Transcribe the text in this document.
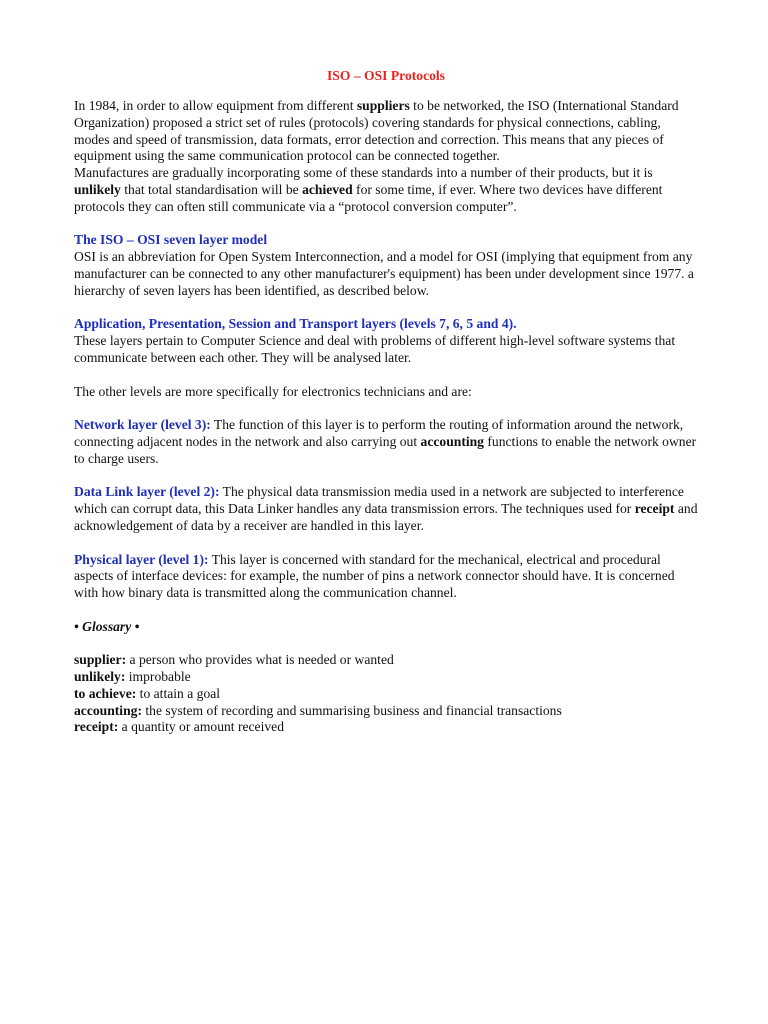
ISO – OSI Protocols

In 1984, in order to allow equipment from different suppliers to be networked, the ISO (International Standard Organization) proposed a strict set of rules (protocols) covering standards for physical connections, cabling, modes and speed of transmission, data formats, error detection and correction. This means that any pieces of equipment using the same communication protocol can be connected together.

Manufactures are gradually incorporating some of these standards into a number of their products, but it is unlikely that total standardisation will be achieved for some time, if ever. Where two devices have different protocols they can often still communicate via a “protocol conversion computer”.

The ISO – OSI seven layer model

OSI is an abbreviation for Open System Interconnection, and a model for OSI (implying that equipment from any manufacturer can be connected to any other manufacturer's equipment) has been under development since 1977. a hierarchy of seven layers has been identified, as described below.

Application, Presentation, Session and Transport layers (levels 7, 6, 5 and 4).

These layers pertain to Computer Science and deal with problems of different high-level software systems that communicate between each other. They will be analysed later.

The other levels are more specifically for electronics technicians and are:

Network layer (level 3): The function of this layer is to perform the routing of information around the network, connecting adjacent nodes in the network and also carrying out accounting functions to enable the network owner to charge users.

Data Link layer (level 2): The physical data transmission media used in a network are subjected to interference which can corrupt data, this Data Linker handles any data transmission errors. The techniques used for receipt and acknowledgement of data by a receiver are handled in this layer.

Physical layer (level 1): This layer is concerned with standard for the mechanical, electrical and procedural aspects of interface devices: for example, the number of pins a network connector should have. It is concerned with how binary data is transmitted along the communication channel.

• Glossary •

supplier: a person who provides what is needed or wanted

unlikely: improbable

to achieve: to attain a goal

accounting: the system of recording and summarising business and financial transactions

receipt: a quantity or amount received
